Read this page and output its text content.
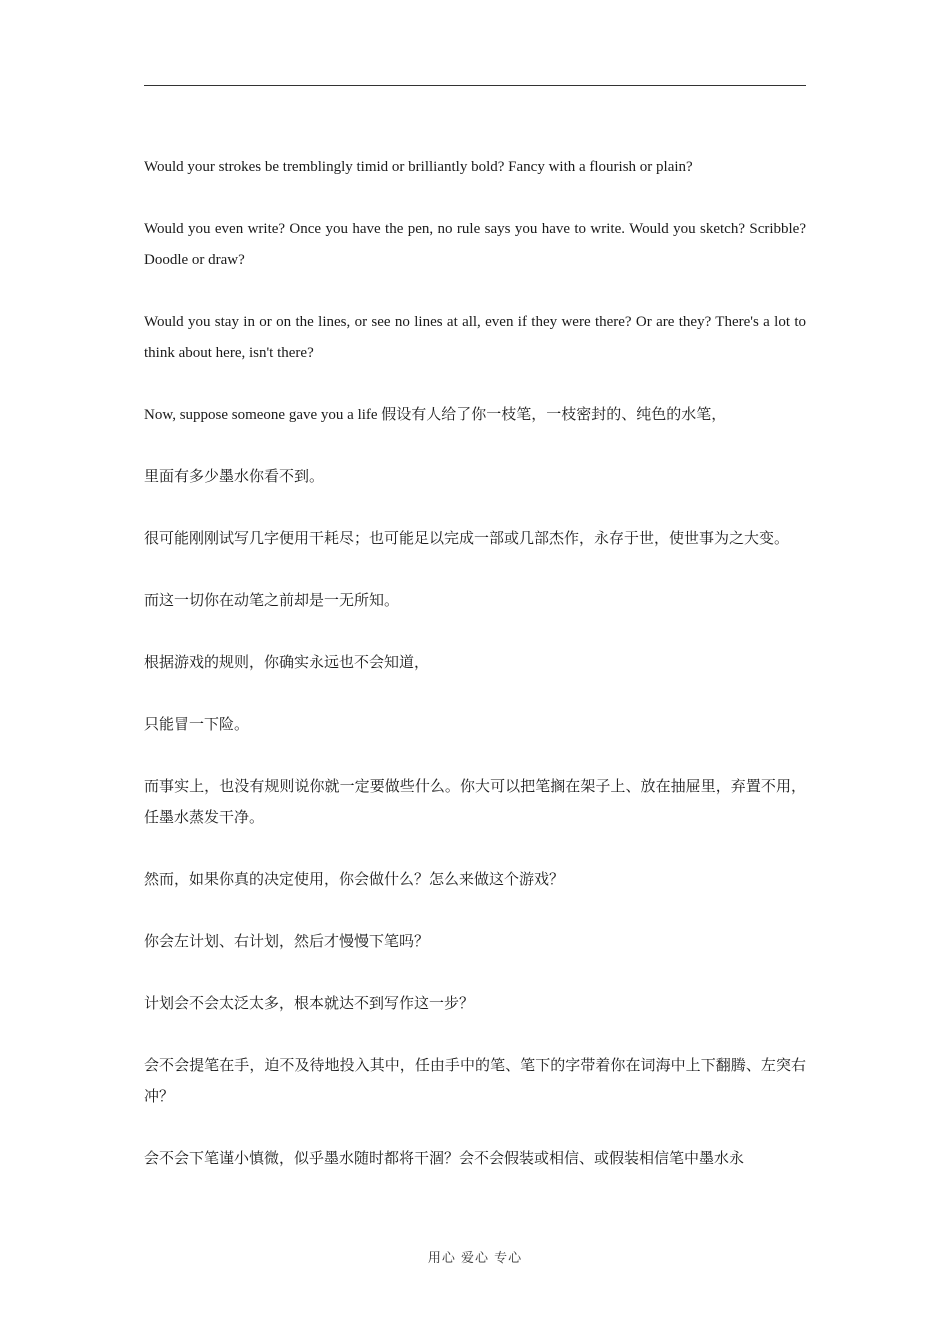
Would your strokes be tremblingly timid or brilliantly bold? Fancy with a flourish or plain?

Would you even write? Once you have the pen, no rule says you have to write. Would you sketch? Scribble? Doodle or draw?

Would you stay in or on the lines, or see no lines at all, even if they were there? Or are they? There's a lot to think about here, isn't there?

Now, suppose someone gave you a life 假设有人给了你一枝笔，一枝密封的、纯色的水笔，

里面有多少墨水你看不到。

很可能刚刚试写几字便用干耗尽；也可能足以完成一部或几部杰作，永存于世，使世事为之大变。

而这一切你在动笔之前却是一无所知。

根据游戏的规则，你确实永远也不会知道，

只能冒一下险。

而事实上，也没有规则说你就一定要做些什么。你大可以把笔搁在架子上、放在抽屉里，弃置不用，任墨水蒸发干净。

然而，如果你真的决定使用，你会做什么？怎么来做这个游戏？

你会左计划、右计划，然后才慢慢下笔吗？

计划会不会太泛太多，根本就达不到写作这一步？

会不会提笔在手，迫不及待地投入其中，任由手中的笔、笔下的字带着你在词海中上下翻腾、左突右冲？

会不会下笔谨小慎微，似乎墨水随时都将干涸？会不会假装或相信、或假装相信笔中墨水永

用心 爱心 专心
